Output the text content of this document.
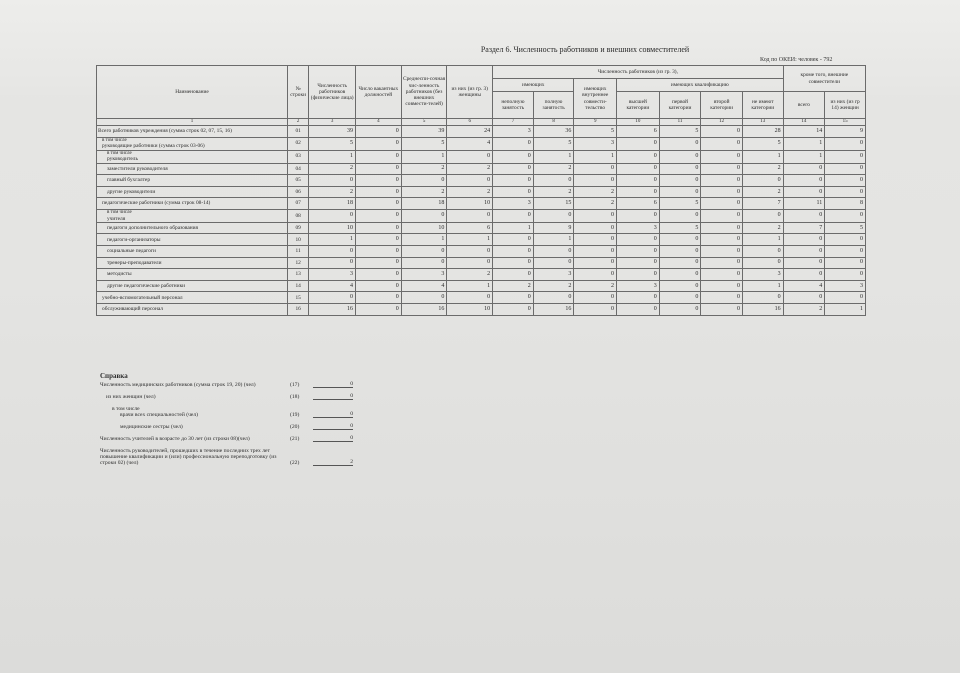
Раздел 6. Численность работников и внешних совместителей
Код по ОКЕИ: человек - 792
Наименование	№ строки	Численность работников (физические лица)	Число вакантных должностей	Среднеспи-сочная чис-ленность работников (без внешних совмести-телей)	из них (из гр. 3) женщины	Численность работников (из гр. 3),							кроме того, внешние совместители	
						имеющих		имеющих внутреннее совмести-тельство	имеющих квалификацию					
						неполную занятость	полную занятость		высшей категории	первой категории	второй категории	не имеют категории	всего	из них (из гр 14) женщин
1	2	3	4	5	6	7	8	9	10	11	12	13	14	15
Всего работников учреждения (сумма строк 02, 07, 15, 16)	01	39	0	39	24	3	36	5	6	5	0	28	14	9

в том числе
руководящие работники (сумма строк 03-06)	02	5	0	5	4	0	5	3	0	0	0	5	1	0

в том числе
руководитель	03	1	0	1	0	0	1	1	0	0	0	1	1	0
заместители руководителя	04	2	0	2	2	0	2	0	0	0	0	2	0	0
главный бухгалтер	05	0	0	0	0	0	0	0	0	0	0	0	0	0
другие руководители	06	2	0	2	2	0	2	2	0	0	0	2	0	0
педагогические работники (сумма строк 08-14)	07	18	0	18	10	3	15	2	6	5	0	7	11	8

в том числе
учителя	08	0	0	0	0	0	0	0	0	0	0	0	0	0
педагоги дополнительного образования	09	10	0	10	6	1	9	0	3	5	0	2	7	5
педагоги-организаторы	10	1	0	1	1	0	1	0	0	0	0	1	0	0
социальные педагоги	11	0	0	0	0	0	0	0	0	0	0	0	0	0
тренеры-преподаватели	12	0	0	0	0	0	0	0	0	0	0	0	0	0
методисты	13	3	0	3	2	0	3	0	0	0	0	3	0	0
другие педагогические работники	14	4	0	4	1	2	2	2	3	0	0	1	4	3
учебно-вспомогательный персонал	15	0	0	0	0	0	0	0	0	0	0	0	0	0
обслуживающий персонал	16	16	0	16	10	0	16	0	0	0	0	16	2	1
Справка
Численность медицинских работников (сумма строк 19, 20) (чел)	(17)	0
из них женщин (чел)	(18)	0
в том числе
врачи всех специальностей (чел)	(19)	0
медицинские сестры (чел)	(20)	0
Численность учителей в возрасте до 30 лет (из строки 08)(чел)	(21)	0
Численность руководителей, прошедших в течение последних трех лет повышение квалификации и (или) профессиональную переподготовку (из строки 02) (чел)	(22)	2
